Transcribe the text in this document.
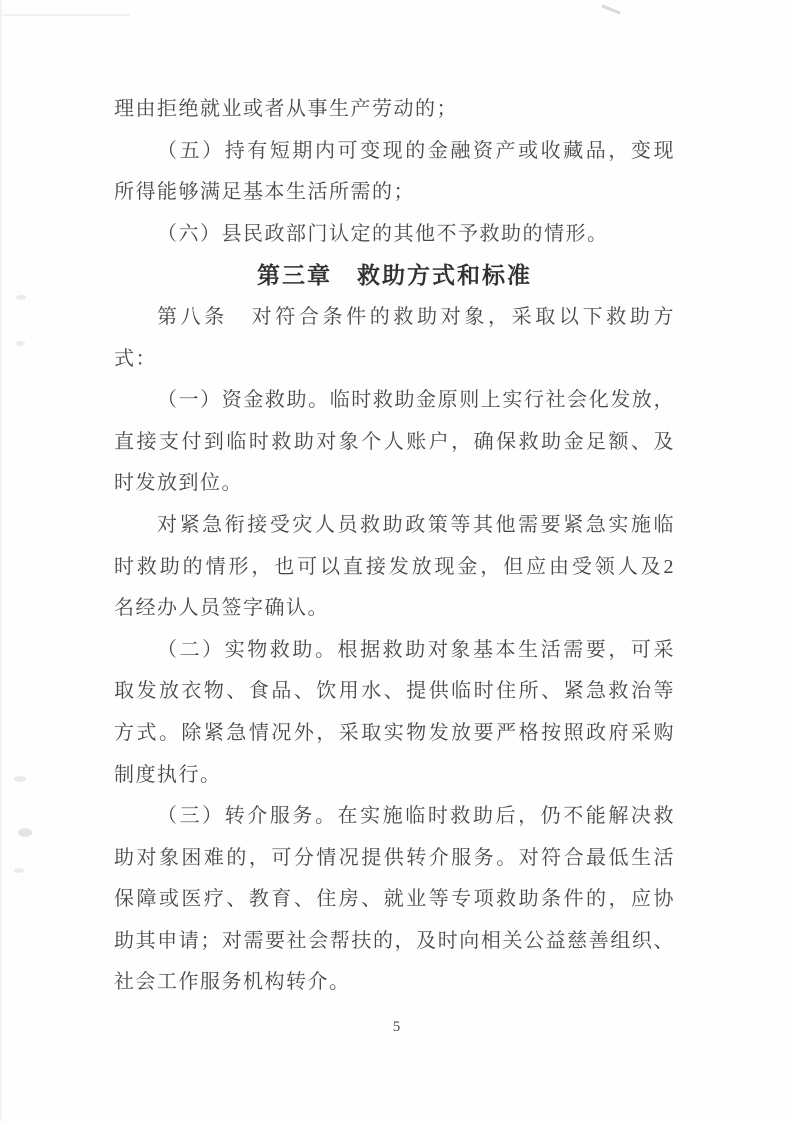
理由拒绝就业或者从事生产劳动的；
（五）持有短期内可变现的金融资产或收藏品，变现
所得能够满足基本生活所需的；
（六）县民政部门认定的其他不予救助的情形。
第三章　救助方式和标准
第八条　对符合条件的救助对象，采取以下救助方
式：
（一）资金救助。临时救助金原则上实行社会化发放，
直接支付到临时救助对象个人账户，确保救助金足额、及
时发放到位。
对紧急衔接受灾人员救助政策等其他需要紧急实施临
时救助的情形，也可以直接发放现金，但应由受领人及2
名经办人员签字确认。
（二）实物救助。根据救助对象基本生活需要，可采
取发放衣物、食品、饮用水、提供临时住所、紧急救治等
方式。除紧急情况外，采取实物发放要严格按照政府采购
制度执行。
（三）转介服务。在实施临时救助后，仍不能解决救
助对象困难的，可分情况提供转介服务。对符合最低生活
保障或医疗、教育、住房、就业等专项救助条件的，应协
助其申请；对需要社会帮扶的，及时向相关公益慈善组织、
社会工作服务机构转介。
5
